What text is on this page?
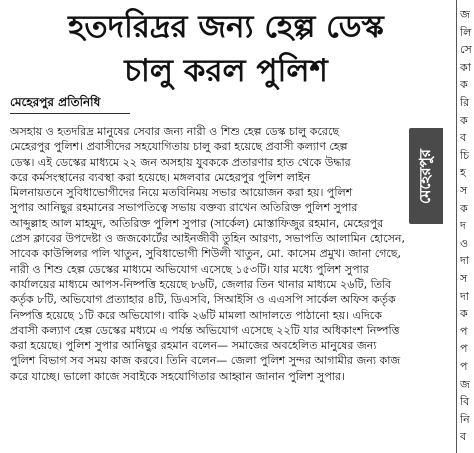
হতদরিদ্রর জন্য হেল্প ডেস্ক
চালু করল পুলিশ
মেহেরপুর প্রতিনিধি
মেহেরপুর
অসহায় ও হতদরিদ্র মানুষের সেবার জন্য নারী ও শিশু হেল্প ডেস্ক চালু করেছে
মেহেরপুর পুলিশ। প্রবাসীদের সহযোগিতায় চালু করা হয়েছে প্রবাসী কল্যাণ হেল্প
ডেস্ক। এই ডেস্কের মাধ্যমে ২২ জন অসহায় যুবককে প্রতারণার হাত থেকে উদ্ধার
করে কর্মসংস্থানের ব্যবস্থা করা হয়েছে। মঙ্গলবার মেহেরপুর পুলিশ লাইন
মিলনায়তনে সুবিধাভোগীদের নিয়ে মতবিনিময় সভার আয়োজন করা হয়। পুলিশ
সুপার আনিছুর রহমানের সভাপতিত্বে সভায় বক্তব্য রাখেন অতিরিক্ত পুলিশ সুপার
আব্দুল্লাহ আল মাহমুদ, অতিরিক্ত পুলিশ সুপার (সার্কেল) মোস্তাফিজুর রহমান, মেহেরপুর
প্রেস ক্লাবের উপদেষ্টা ও জজকোর্টের আইনজীবী তুহিন আরণ্য, সভাপতি আলামিন হোসেন,
সাবেক কাউন্সিলর পলি খাতুন, সুবিধাভোগী শিউলী খাতুন, মো. কাসেম প্রমুখ। জানা গেছে,
নারী ও শিশু হেল্প ডেস্কের মাধ্যমে অভিযোগ এসেছে ১৫৩টি। যার মধ্যে পুলিশ সুপার
কার্যালয়ের মাধ্যমে আপস-নিষ্পত্তি হয়েছে ৮৬টি, জেলার তিন থানার মাধ্যমে ২৬টি, তিবি
কর্তৃক ৮টি, অভিযোগ প্রত্যাহার ৪টি, ডিএসবি, সিআইসি ও এএসপি সার্কেল অফিস কর্তৃক
নিষ্পত্তি হয়েছে ১টি করে অভিযোগ। বাকি ২৬টি মামলা আদালতে পাঠানো হয়। এদিকে
প্রবাসী কল্যাণ হেল্প ডেস্কের মধ্যমে এ পর্যন্ত অভিযোগ এসেছে ২২টি যার অধিকাংশ নিষ্পত্তি
করা হয়েছে। পুলিশ সুপার আনিছুর রহমান বলেন— সমাজের অবহেলিত মানুষের জন্য
পুলিশ বিভাগ সব সময় কাজ করবে। তিনি বলেন— জেলা পুলিশ সুন্দর আগামীর জন্য কাজ
করে যাচ্ছে। ভালো কাজে সবাইকে সহযোগিতার আহ্বান জানান পুলিশ সুপার।
জ
লি
সে
কা
ক
রি
ক
ব
চি
হ
স
ক
দ
ও
দা
স
দা
ক
প
প
প
জ
বি
নি
ব
